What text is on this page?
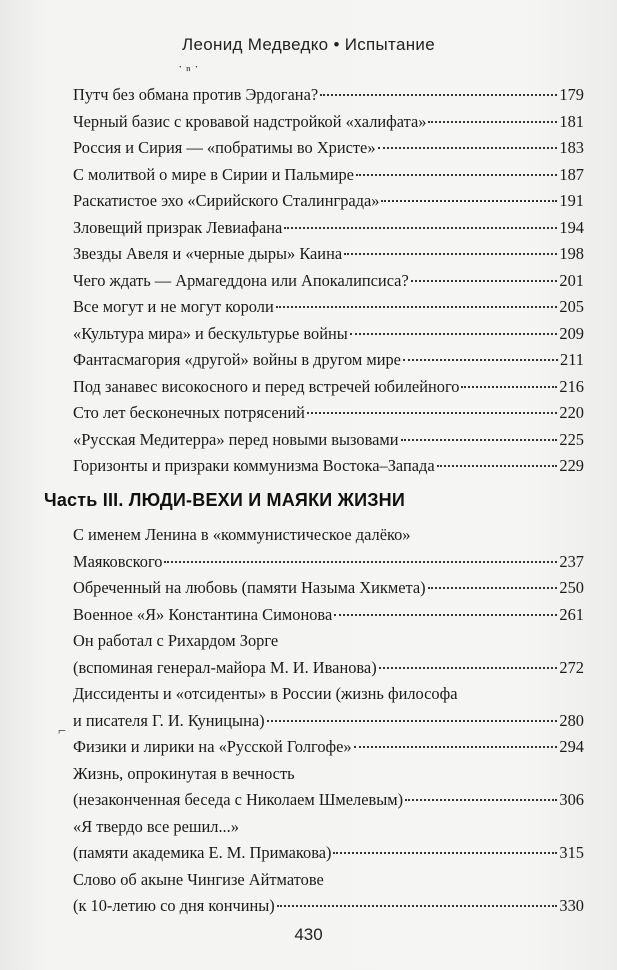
Леонид Медведко • Испытание
˙ ⁿ ˙
Путч без обмана против Эрдогана?	179
Черный базис с кровавой надстройкой «халифата»	181
Россия и Сирия — «побратимы во Христе»	183
С молитвой о мире в Сирии и Пальмире	187
Раскатистое эхо «Сирийского Сталинграда»	191
Зловещий призрак Левиафана	194
Звезды Авеля и «черные дыры» Каина	198
Чего ждать — Армагеддона или Апокалипсиса?	201
Все могут и не могут короли	205
«Культура мира» и бескультурье войны	209
Фантасмагория «другой» войны в другом мире	211
Под занавес високосного и перед встречей юбилейного	216
Сто лет бесконечных потрясений	220
«Русская Медитерра» перед новыми вызовами	225
Горизонты и призраки коммунизма Востока–Запада	229
Часть III. ЛЮДИ-ВЕХИ И МАЯКИ ЖИЗНИ
С именем Ленина в «коммунистическое далёко»
Маяковского	237
Обреченный на любовь (памяти Назыма Хикмета)	250
Военное «Я» Константина Симонова	261
Он работал с Рихардом Зорге
(вспоминая генерал-майора М. И. Иванова)	272
Диссиденты и «отсиденты» в России (жизнь философа
и писателя Г. И. Куницына)	280
Физики и лирики на «Русской Голгофе»	294
Жизнь, опрокинутая в вечность
(незаконченная беседа с Николаем Шмелевым)	306
«Я твердо все решил...»
(памяти академика Е. М. Примакова)	315
Слово об акыне Чингизе Айтматове
(к 10-летию со дня кончины)	330
⌐
430
